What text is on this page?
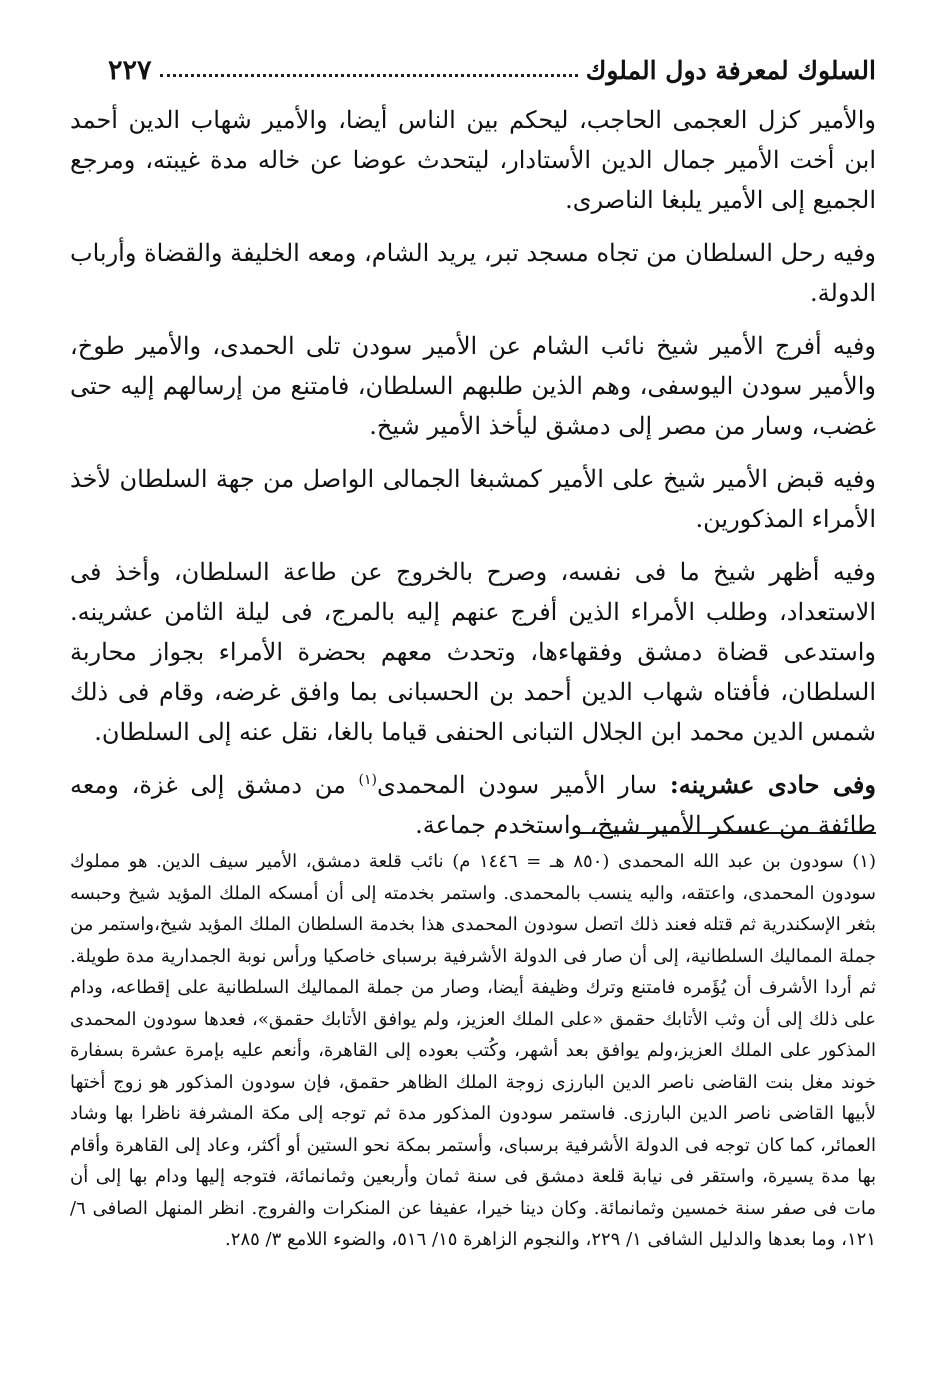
السلوك لمعرفة دول الملوك
٢٢٧

والأمير كزل العجمى الحاجب، ليحكم بين الناس أيضا، والأمير شهاب الدين أحمد ابن أخت الأمير جمال الدين الأستادار، ليتحدث عوضا عن خاله مدة غيبته، ومرجع الجميع إلى الأمير يلبغا الناصرى.

وفيه رحل السلطان من تجاه مسجد تبر، يريد الشام، ومعه الخليفة والقضاة وأرباب الدولة.

وفيه أفرج الأمير شيخ نائب الشام عن الأمير سودن تلى الحمدى، والأمير طوخ، والأمير سودن اليوسفى، وهم الذين طلبهم السلطان، فامتنع من إرسالهم إليه حتى غضب، وسار من مصر إلى دمشق ليأخذ الأمير شيخ.

وفيه قبض الأمير شيخ على الأمير كمشبغا الجمالى الواصل من جهة السلطان لأخذ الأمراء المذكورين.

وفيه أظهر شيخ ما فى نفسه، وصرح بالخروج عن طاعة السلطان، وأخذ فى الاستعداد، وطلب الأمراء الذين أفرج عنهم إليه بالمرج، فى ليلة الثامن عشرينه. واستدعى قضاة دمشق وفقهاءها، وتحدث معهم بحضرة الأمراء بجواز محاربة السلطان، فأفتاه شهاب الدين أحمد بن الحسبانى بما وافق غرضه، وقام فى ذلك شمس الدين محمد ابن الجلال التبانى الحنفى قياما بالغا، نقل عنه إلى السلطان.

وفى حادى عشرينه: سار الأمير سودن المحمدى$^{(١)}$ من دمشق إلى غزة، ومعه طائفة من عسكر الأمير شيخ، واستخدم جماعة.

(١) سودون بن عبد الله المحمدى (٨٥٠ هـ = ١٤٤٦ م) نائب قلعة دمشق، الأمير سيف الدين. هو مملوك سودون المحمدى، واعتقه، واليه ينسب بالمحمدى. واستمر بخدمته إلى أن أمسكه الملك المؤيد شيخ وحبسه بثغر الإسكندرية ثم قتله فعند ذلك اتصل سودون المحمدى هذا بخدمة السلطان الملك المؤيد شيخ،واستمر من جملة المماليك السلطانية، إلى أن صار فى الدولة الأشرفية برسباى خاصكيا ورأس نوبة الجمدارية مدة طويلة. ثم أردا الأشرف أن يُؤَمره فامتنع وترك وظيفة أيضا، وصار من جملة المماليك السلطانية على إقطاعه، ودام على ذلك إلى أن وثب الأتابك حقمق «على الملك العزيز، ولم يوافق الأتابك حقمق»، فعدها سودون المحمدى المذكور على الملك العزيز،ولم يوافق بعد أشهر، وكُتب بعوده إلى القاهرة، وأنعم عليه بإمرة عشرة بسفارة خوند مغل بنت القاضى ناصر الدين البارزى زوجة الملك الظاهر حقمق، فإن سودون المذكور هو زوج أختها لأبيها القاضى ناصر الدين البارزى. فاستمر سودون المذكور مدة ثم توجه إلى مكة المشرفة ناظرا بها وشاد العمائر، كما كان توجه فى الدولة الأشرفية برسباى، وأستمر بمكة نحو الستين أو أكثر، وعاد إلى القاهرة وأقام بها مدة يسيرة، واستقر فى نيابة قلعة دمشق فى سنة ثمان وأربعين وثمانمائة، فتوجه إليها ودام بها إلى أن مات فى صفر سنة خمسين وثمانمائة. وكان دينا خيرا، عفيفا عن المنكرات والفروج. انظر المنهل الصافى ٦/ ١٢١، وما بعدها والدليل الشافى ١/ ٢٢٩، والنجوم الزاهرة ١٥/ ٥١٦، والضوء اللامع ٣/ ٢٨٥.
